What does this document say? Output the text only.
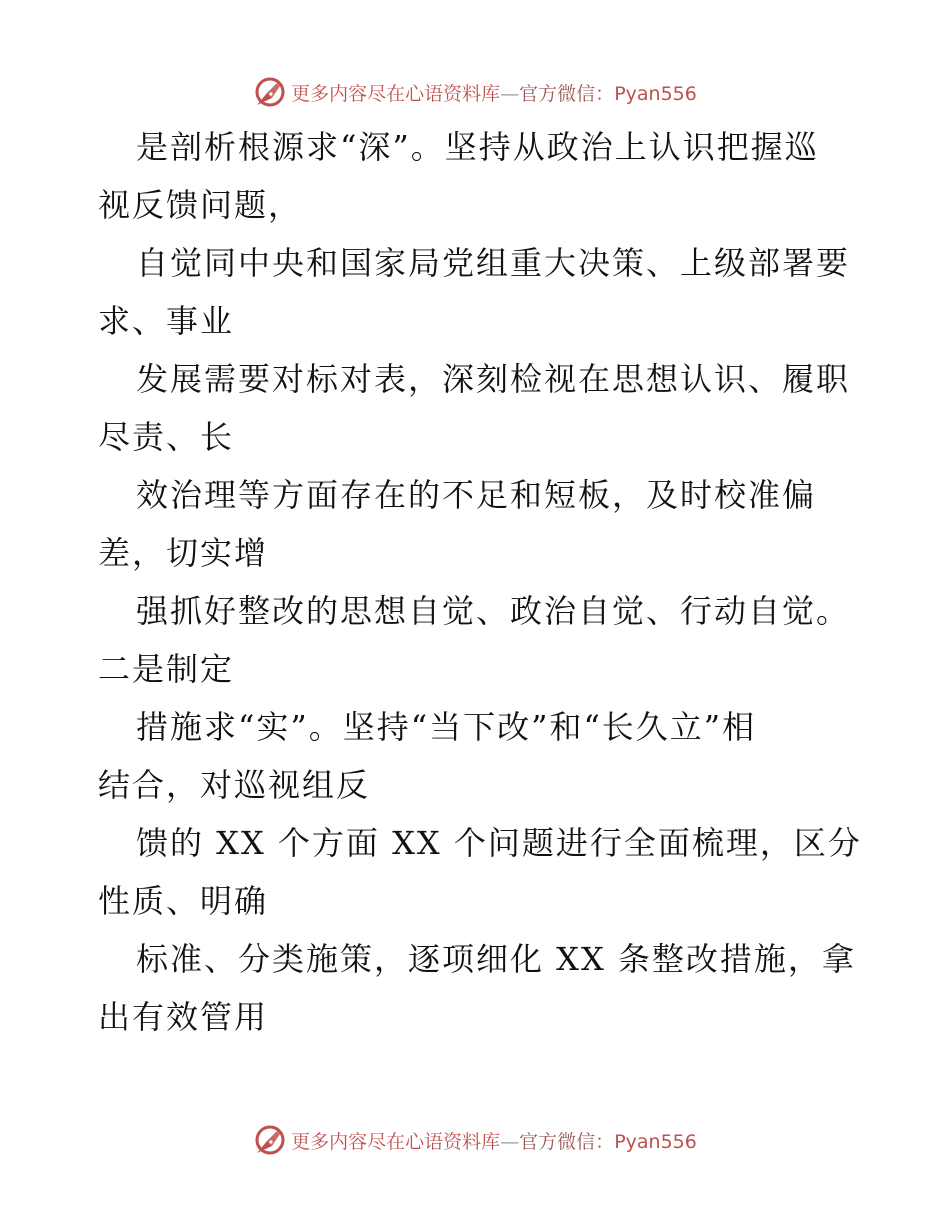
更多内容尽在心语资料库—官方微信：Pyan556
是剖析根源求“深”。坚持从政治上认识把握巡
视反馈问题，
自觉同中央和国家局党组重大决策、上级部署要
求、事业
发展需要对标对表，深刻检视在思想认识、履职
尽责、长
效治理等方面存在的不足和短板，及时校准偏
差，切实增
强抓好整改的思想自觉、政治自觉、行动自觉。
二是制定
措施求“实”。坚持“当下改”和“长久立”相
结合，对巡视组反
馈的 XX 个方面 XX 个问题进行全面梳理，区分
性质、明确
标准、分类施策，逐项细化 XX 条整改措施，拿
出有效管用
更多内容尽在心语资料库—官方微信：Pyan556
